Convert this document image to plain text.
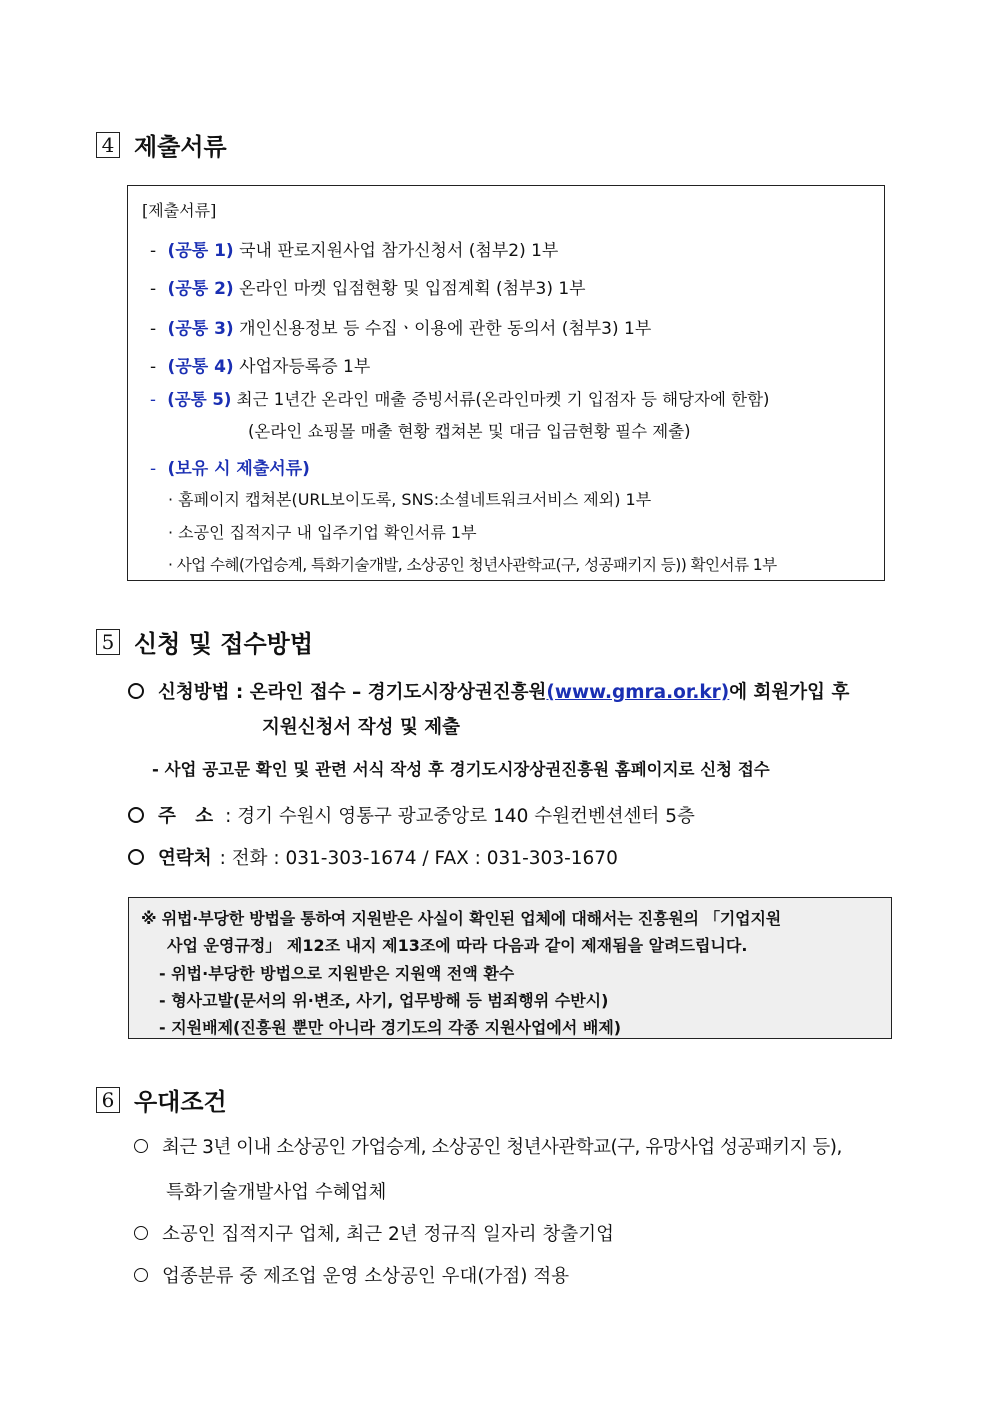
4 제출서류
[제출서류]
- (공통 1) 국내 판로지원사업 참가신청서 (첨부2) 1부
- (공통 2) 온라인 마켓 입점현황 및 입점계획 (첨부3) 1부
- (공통 3) 개인신용정보 등 수집ㆍ이용에 관한 동의서 (첨부3) 1부
- (공통 4) 사업자등록증 1부
- (공통 5) 최근 1년간 온라인 매출 증빙서류(온라인마켓 기 입점자 등 해당자에 한함)
(온라인 쇼핑몰 매출 현황 캡쳐본 및 대금 입금현황 필수 제출)
- (보유 시 제출서류)
· 홈페이지 캡쳐본(URL보이도록, SNS:소셜네트워크서비스 제외) 1부
· 소공인 집적지구 내 입주기업 확인서류 1부
· 사업 수혜(가업승계, 특화기술개발, 소상공인 청년사관학교(구, 성공패키지 등)) 확인서류 1부
5 신청 및 접수방법
신청방법 : 온라인 접수 – 경기도시장상권진흥원(www.gmra.or.kr)에 회원가입 후
지원신청서 작성 및 제출
- 사업 공고문 확인 및 관련 서식 작성 후 경기도시장상권진흥원 홈페이지로 신청 접수
주   소 : 경기 수원시 영통구 광교중앙로 140 수원컨벤션센터 5층
연락처 : 전화 : 031-303-1674 / FAX : 031-303-1670
※ 위법·부당한 방법을 통하여 지원받은 사실이 확인된 업체에 대해서는 진흥원의 「기업지원
사업 운영규정」 제12조 내지 제13조에 따라 다음과 같이 제재됨을 알려드립니다.
- 위법·부당한 방법으로 지원받은 지원액 전액 환수
- 형사고발(문서의 위·변조, 사기, 업무방해 등 범죄행위 수반시)
- 지원배제(진흥원 뿐만 아니라 경기도의 각종 지원사업에서 배제)
6 우대조건
최근 3년 이내 소상공인 가업승계, 소상공인 청년사관학교(구, 유망사업 성공패키지 등),
특화기술개발사업 수혜업체
소공인 집적지구 업체, 최근 2년 정규직 일자리 창출기업
업종분류 중 제조업 운영 소상공인 우대(가점) 적용
